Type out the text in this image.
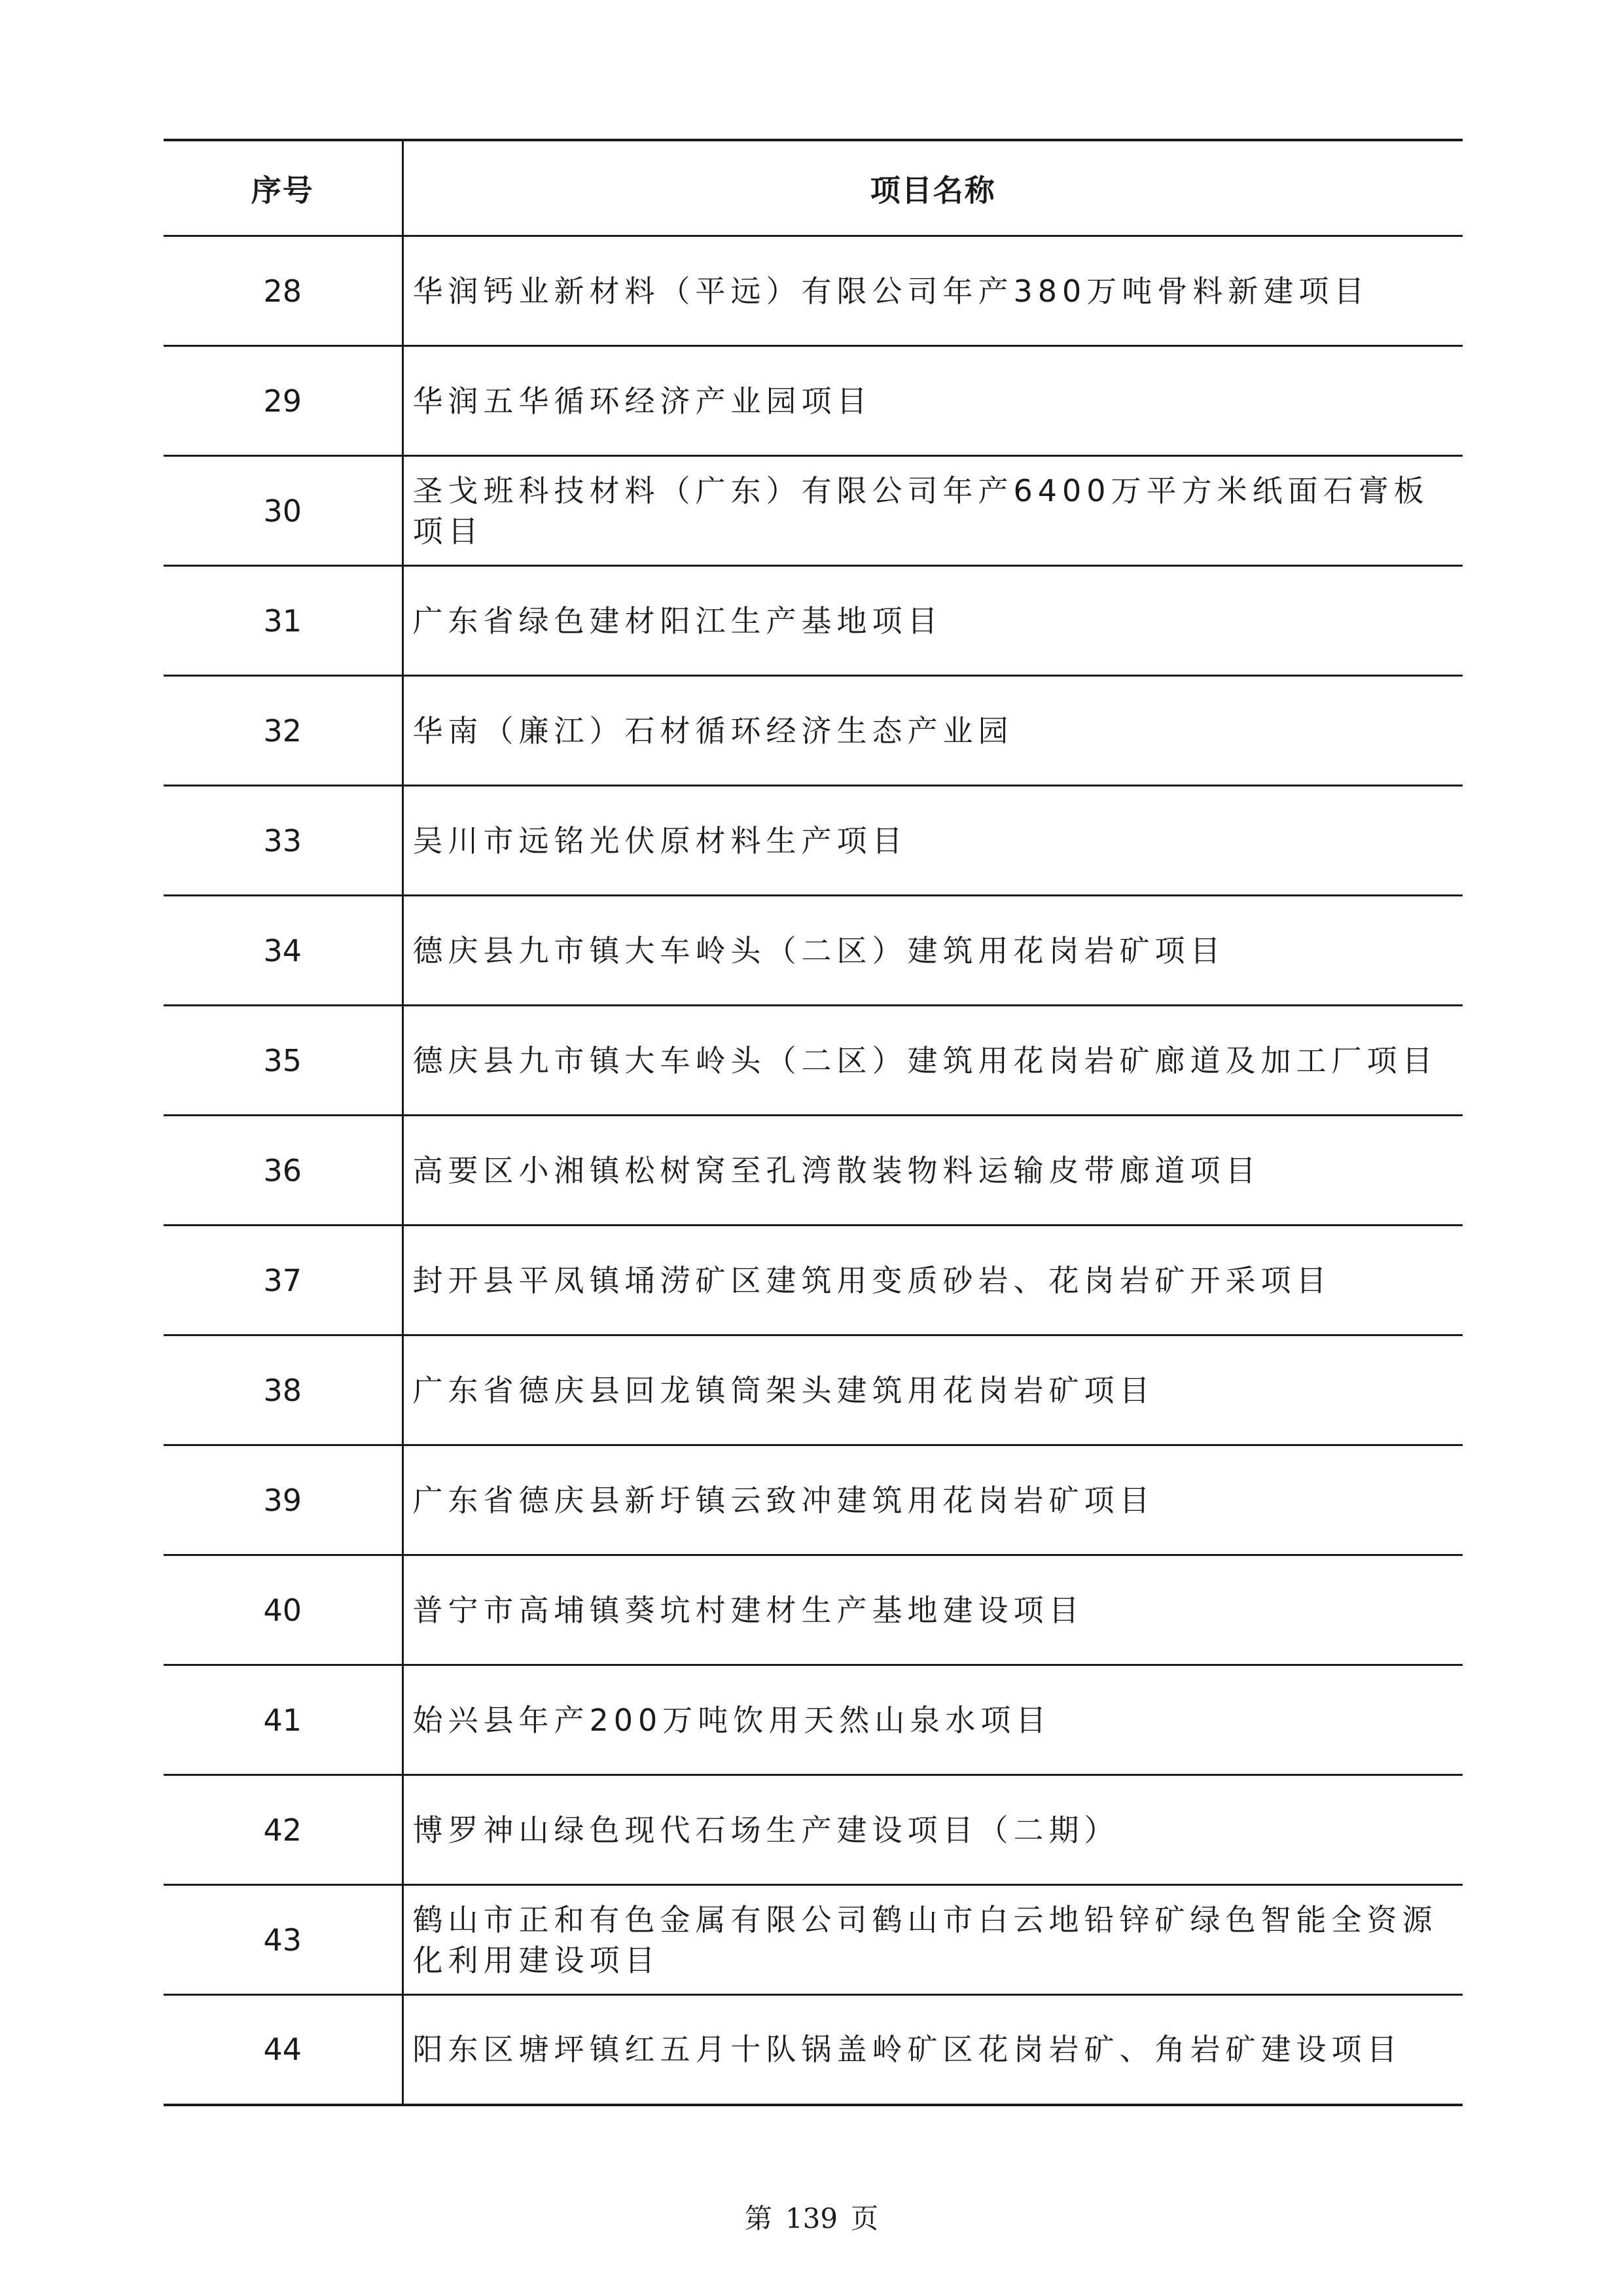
序号	项目名称
28	华润钙业新材料（平远）有限公司年产380万吨骨料新建项目
29	华润五华循环经济产业园项目
30	圣戈班科技材料（广东）有限公司年产6400万平方米纸面石膏板项目
31	广东省绿色建材阳江生产基地项目
32	华南（廉江）石材循环经济生态产业园
33	吴川市远铭光伏原材料生产项目
34	德庆县九市镇大车岭头（二区）建筑用花岗岩矿项目
35	德庆县九市镇大车岭头（二区）建筑用花岗岩矿廊道及加工厂项目
36	高要区小湘镇松树窝至孔湾散装物料运输皮带廊道项目
37	封开县平凤镇埇涝矿区建筑用变质砂岩、花岗岩矿开采项目
38	广东省德庆县回龙镇筒架头建筑用花岗岩矿项目
39	广东省德庆县新圩镇云致冲建筑用花岗岩矿项目
40	普宁市高埔镇葵坑村建材生产基地建设项目
41	始兴县年产200万吨饮用天然山泉水项目
42	博罗神山绿色现代石场生产建设项目（二期）
43	鹤山市正和有色金属有限公司鹤山市白云地铅锌矿绿色智能全资源化利用建设项目
44	阳东区塘坪镇红五月十队锅盖岭矿区花岗岩矿、角岩矿建设项目
第 139 页
